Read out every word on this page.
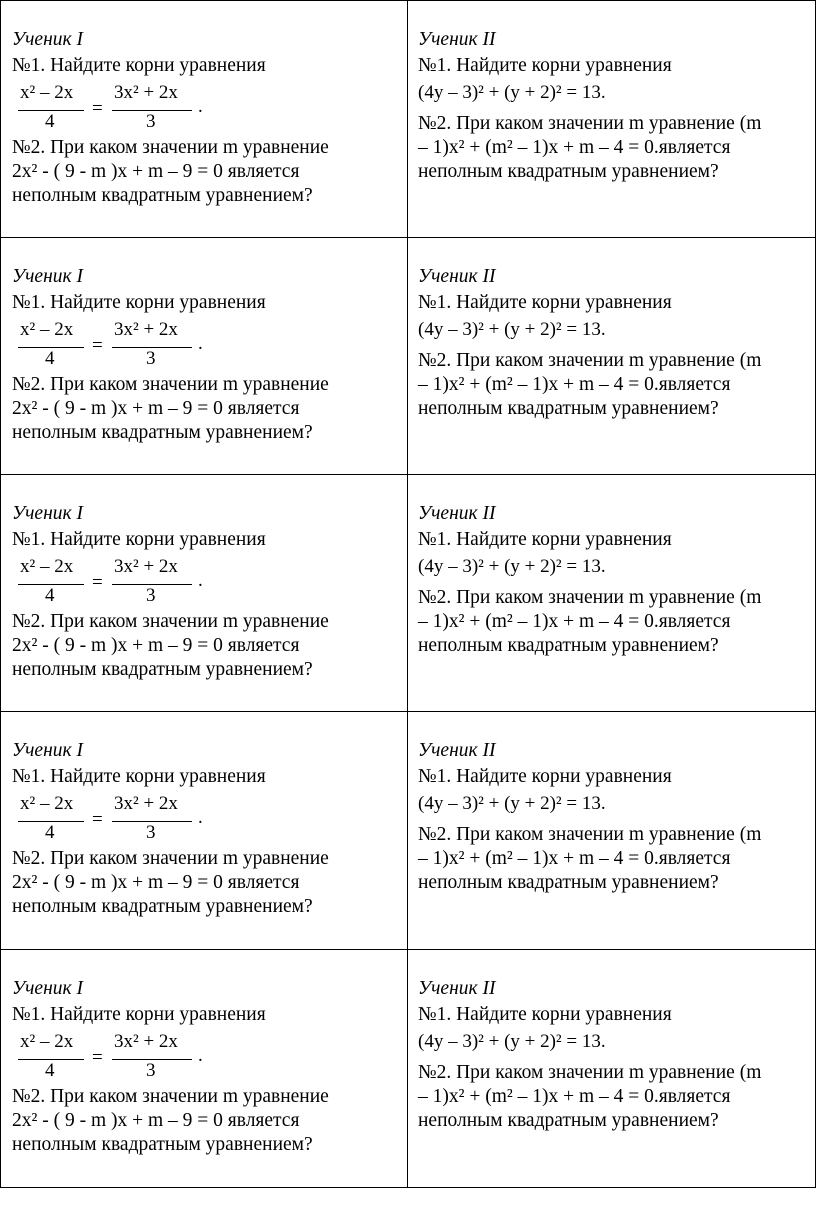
Ученик I
№1. Найдите корни уравнения
x² – 2x
4
=
3x² + 2x
3
.
№2. При каком значении m уравнение
2x² - ( 9 - m )x + m – 9 = 0 является
неполным квадратным уравнением?
Ученик II
№1. Найдите корни уравнения
(4y – 3)² + (y + 2)² = 13.
№2. При каком значении m уравнение (m
– 1)x² + (m² – 1)x + m – 4 = 0.является
неполным квадратным уравнением?
Ученик I
№1. Найдите корни уравнения
x² – 2x
4
=
3x² + 2x
3
.
№2. При каком значении m уравнение
2x² - ( 9 - m )x + m – 9 = 0 является
неполным квадратным уравнением?
Ученик II
№1. Найдите корни уравнения
(4y – 3)² + (y + 2)² = 13.
№2. При каком значении m уравнение (m
– 1)x² + (m² – 1)x + m – 4 = 0.является
неполным квадратным уравнением?
Ученик I
№1. Найдите корни уравнения
x² – 2x
4
=
3x² + 2x
3
.
№2. При каком значении m уравнение
2x² - ( 9 - m )x + m – 9 = 0 является
неполным квадратным уравнением?
Ученик II
№1. Найдите корни уравнения
(4y – 3)² + (y + 2)² = 13.
№2. При каком значении m уравнение (m
– 1)x² + (m² – 1)x + m – 4 = 0.является
неполным квадратным уравнением?
Ученик I
№1. Найдите корни уравнения
x² – 2x
4
=
3x² + 2x
3
.
№2. При каком значении m уравнение
2x² - ( 9 - m )x + m – 9 = 0 является
неполным квадратным уравнением?
Ученик II
№1. Найдите корни уравнения
(4y – 3)² + (y + 2)² = 13.
№2. При каком значении m уравнение (m
– 1)x² + (m² – 1)x + m – 4 = 0.является
неполным квадратным уравнением?
Ученик I
№1. Найдите корни уравнения
x² – 2x
4
=
3x² + 2x
3
.
№2. При каком значении m уравнение
2x² - ( 9 - m )x + m – 9 = 0 является
неполным квадратным уравнением?
Ученик II
№1. Найдите корни уравнения
(4y – 3)² + (y + 2)² = 13.
№2. При каком значении m уравнение (m
– 1)x² + (m² – 1)x + m – 4 = 0.является
неполным квадратным уравнением?
